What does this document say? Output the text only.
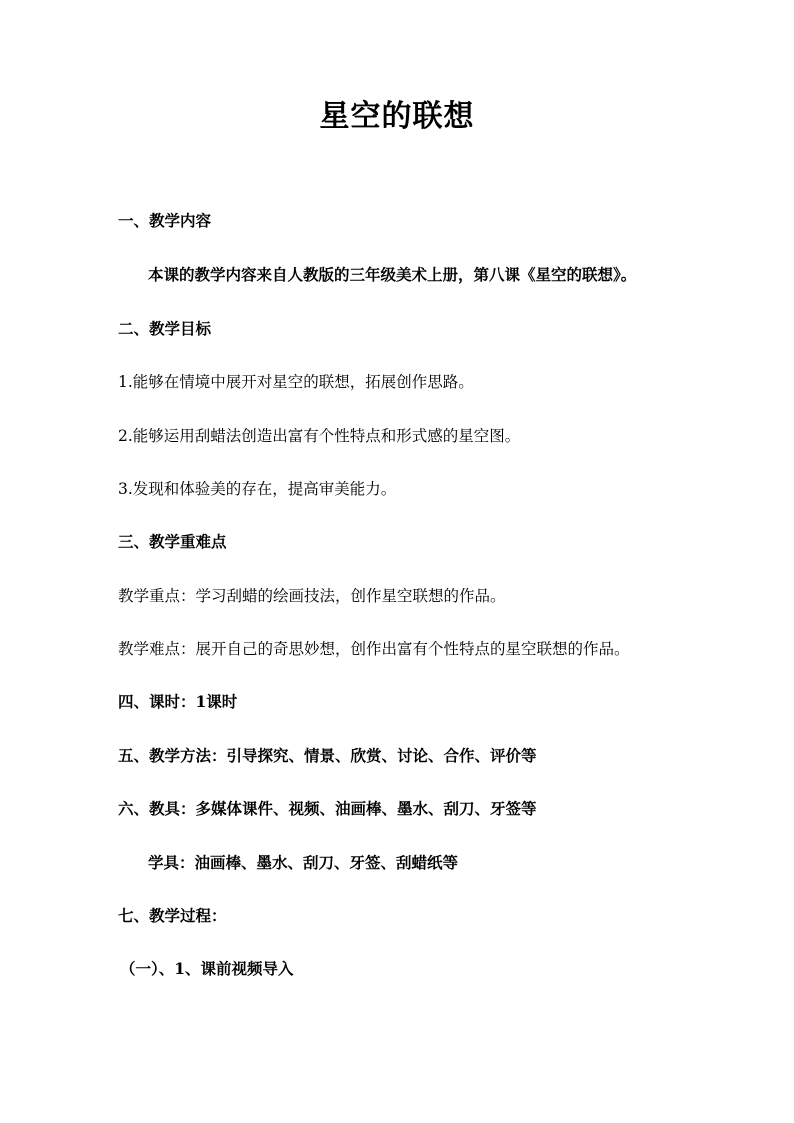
星空的联想
一、教学内容
本课的教学内容来自人教版的三年级美术上册，第八课《星空的联想》。
二、教学目标
1.能够在情境中展开对星空的联想，拓展创作思路。
2.能够运用刮蜡法创造出富有个性特点和形式感的星空图。
3.发现和体验美的存在，提高审美能力。
三、教学重难点
教学重点：学习刮蜡的绘画技法，创作星空联想的作品。
教学难点：展开自己的奇思妙想，创作出富有个性特点的星空联想的作品。
四、课时：1课时
五、教学方法：引导探究、情景、欣赏、讨论、合作、评价等
六、教具：多媒体课件、视频、油画棒、墨水、刮刀、牙签等
学具：油画棒、墨水、刮刀、牙签、刮蜡纸等
七、教学过程：
（一）、1、课前视频导入
